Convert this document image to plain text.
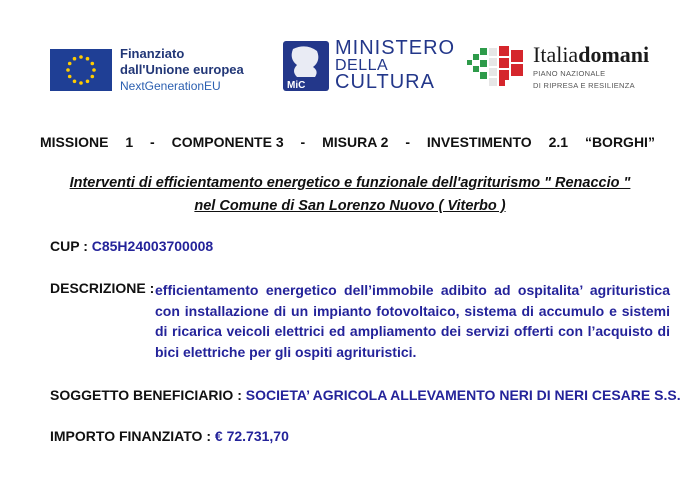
Finanziato
dall'Unione europea
NextGenerationEU	MiC
MINISTERO
DELLA
CULTURA
Italiadomani
PIANO NAZIONALE
DI RIPRESA E RESILIENZA
MISSIONE 1 - COMPONENTE 3 - MISURA 2 - INVESTIMENTO 2.1 “BORGHI”
Interventi di efficientamento energetico e funzionale dell'agriturismo " Renaccio "
nel Comune di San Lorenzo Nuovo ( Viterbo )
CUP : C85H24003700008
DESCRIZIONE : efficientamento energetico dell’immobile adibito ad ospitalita’ agrituristica con installazione di un impianto fotovoltaico, sistema di accumulo e sistemi di ricarica veicoli elettrici ed ampliamento dei servizi offerti con l’acquisto di bici elettriche per gli ospiti agrituristici.
SOGGETTO BENEFICIARIO : SOCIETA’ AGRICOLA ALLEVAMENTO NERI DI NERI CESARE S.S.
IMPORTO FINANZIATO : € 72.731,70
